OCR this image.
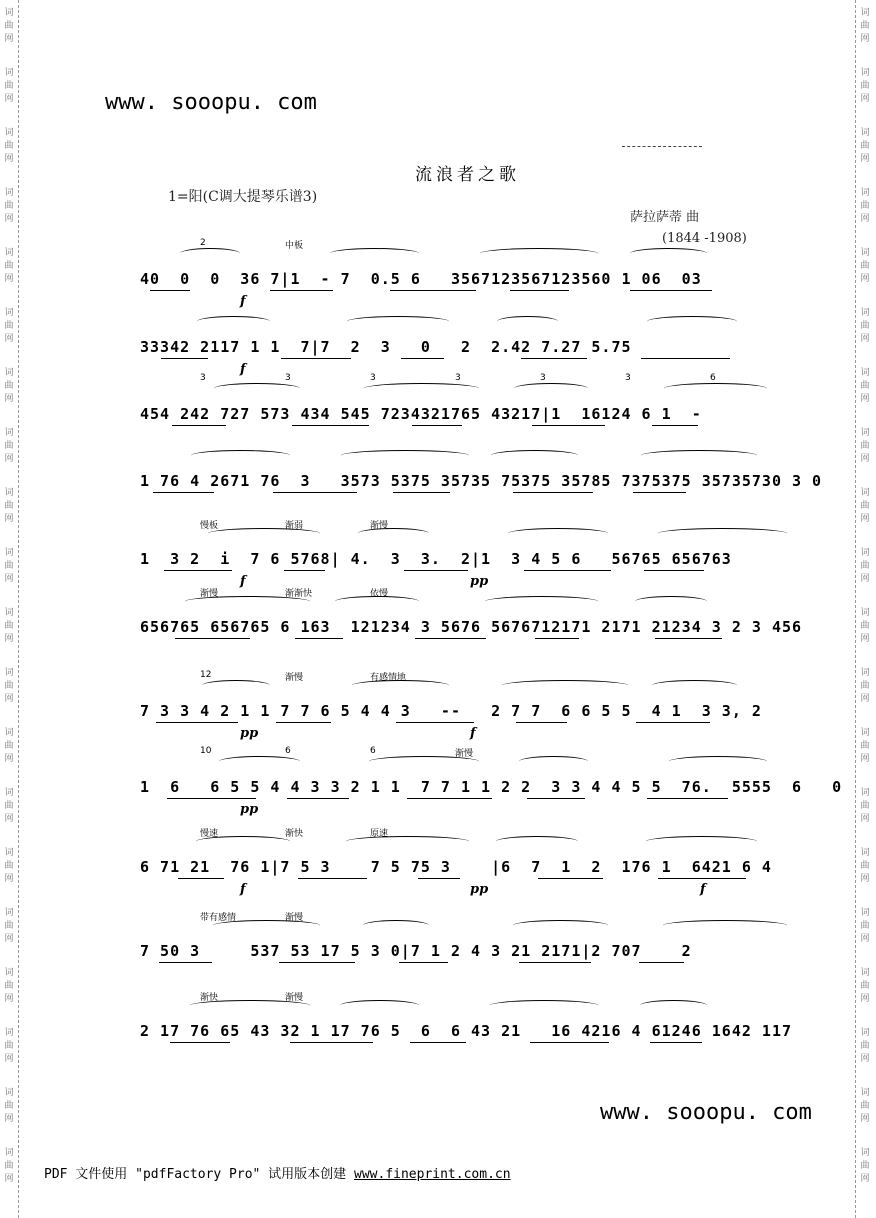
词
曲
网
词
曲
网
词
曲
网
词
曲
网
词
曲
网
词
曲
网
词
曲
网
词
曲
网
词
曲
网
词
曲
网
词
曲
网
词
曲
网
词
曲
网
词
曲
网
词
曲
网
词
曲
网
词
曲
网
词
曲
网
词
曲
网
词
曲
网
词
曲
网
词
曲
网
词
曲
网
词
曲
网
词
曲
网
词
曲
网
词
曲
网
词
曲
网
词
曲
网
词
曲
网
词
曲
网
词
曲
网
词
曲
网
词
曲
网
词
曲
网
词
曲
网
词
曲
网
词
曲
网
词
曲
网
词
曲
网
www. sooopu. com
流浪者之歌
1=阳(C调大提琴乐谱3)
萨拉萨蒂 曲
(1844 -1908)
40  0  0  36 7|1  - 7  0.5 6   3567123567123560 1 06  03
f
2	中板
33342 2117 1 1  7|7  2  3   0   2  2.42 7.27 5.75
f
454 242 727 573 434 545 7234321765 43217|1  16124 6 1  -
3	3	3	3	3	3	6
1 76 4 2671 76  3   3573 5375 35735 75375 35785 7375375 35735730 3 0
1  3 2  i  7 6 5768| 4.  3  3.  2|1  3 4 5 6   56765 656763
f	pp
慢板	渐弱	渐慢
656765 656765 6 163  121234 3 5676 5676712171 2171 21234 3 2 3 456
渐慢	渐渐快	依慢
7 3 3 4 2 1 1 7 7 6 5 4 4 3   --   2 7 7  6 6 5 5  4 1  3 3, 2
pp	f
12	渐慢	有感情地
1  6   6 5 5 4 4 3 3 2 1 1  7 7 1 1 2 2  3 3 4 4 5 5  76.  5555  6   0
pp
10	6	6	渐慢
6 71 21  76 1|7 5 3    7 5 75 3    |6  7  1  2  176 1  6421 6 4
f	pp	f
慢速	渐快	原速
7 50 3     537 53 17 5 3 0|7 1 2 4 3 21 2171|2 707    2
带有感情	渐慢
2 17 76 65 43 32 1 17 76 5  6  6 43 21   16 4216 4 61246 1642 117
渐快	渐慢
www. sooopu. com
PDF 文件使用 "pdfFactory Pro" 试用版本创建 www.fineprint.com.cn
